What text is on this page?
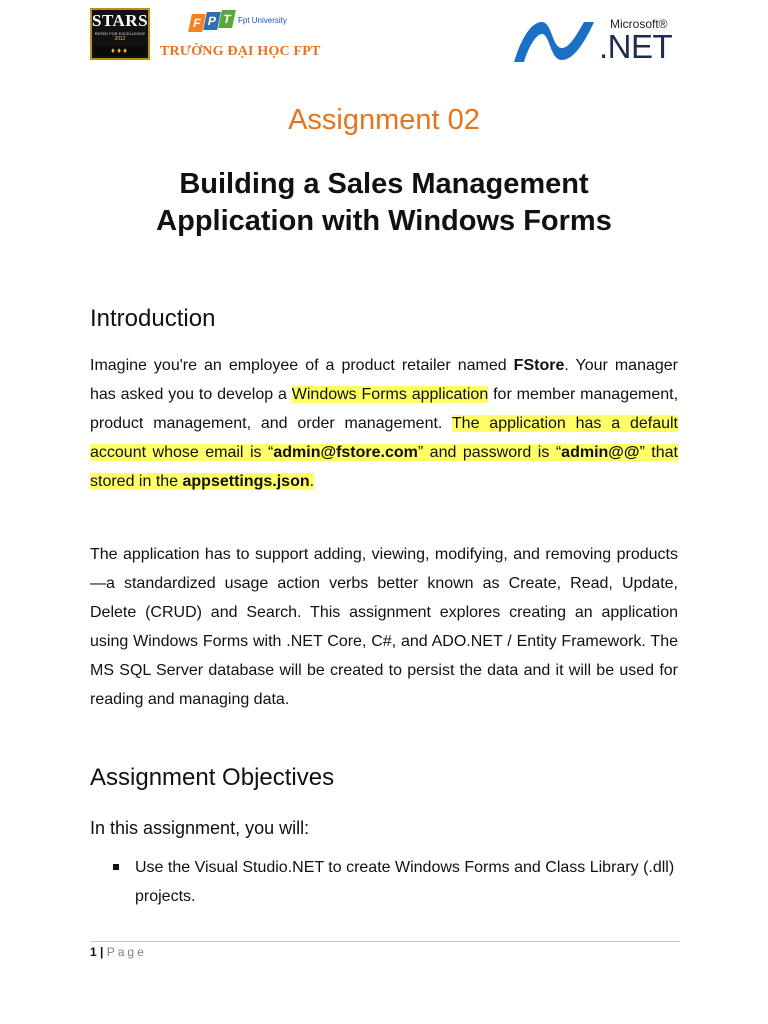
STARS
RATED FOR EXCELLENCE
2012
♦♦♦
F P T Fpt University
TRƯỜNG ĐẠI HỌC FPT
Microsoft®
.NET
Assignment 02
Building a Sales Management
Application with Windows Forms
Introduction

Imagine you're an employee of a product retailer named FStore. Your manager has asked you to develop a Windows Forms application for member management, product management, and order management. The application has a default account whose email is “admin@fstore.com” and password is “admin@@” that stored in the appsettings.json.

The application has to support adding, viewing, modifying, and removing products—a standardized usage action verbs better known as Create, Read, Update, Delete (CRUD) and Search. This assignment explores creating an application using Windows Forms with .NET Core, C#, and ADO.NET / Entity Framework. The MS SQL Server database will be created to persist the data and it will be used for reading and managing data.

Assignment Objectives

In this assignment, you will:

Use the Visual Studio.NET to create Windows Forms and Class Library (.dll) projects.
1 | Page
